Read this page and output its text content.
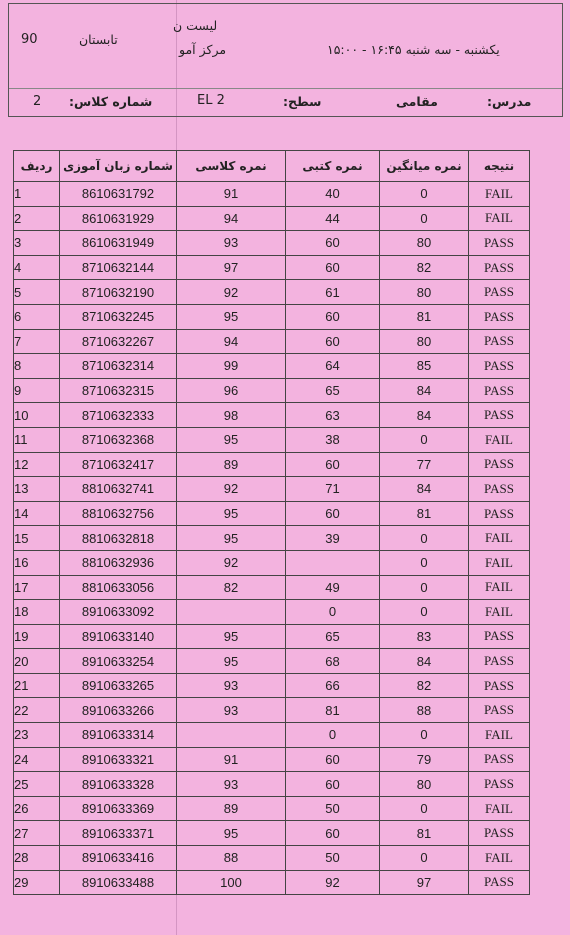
90	تابستان
لیست ن
مرکز آمو	یکشنبه - سه شنبه ۱۶:۴۵ - ۱۵:۰۰
2 شماره کلاس:	EL 2	سطح:	مقامی	مدرس:
ردیف	شماره زبان آموزی	نمره کلاسی	نمره کتبی	نمره میانگین	نتیجه
1	8610631792	91	40	0	FAIL
2	8610631929	94	44	0	FAIL
3	8610631949	93	60	80	PASS
4	8710632144	97	60	82	PASS
5	8710632190	92	61	80	PASS
6	8710632245	95	60	81	PASS
7	8710632267	94	60	80	PASS
8	8710632314	99	64	85	PASS
9	8710632315	96	65	84	PASS
10	8710632333	98	63	84	PASS
11	8710632368	95	38	0	FAIL
12	8710632417	89	60	77	PASS
13	8810632741	92	71	84	PASS
14	8810632756	95	60	81	PASS
15	8810632818	95	39	0	FAIL
16	8810632936	92		0	FAIL
17	8810633056	82	49	0	FAIL
18	8910633092		0	0	FAIL
19	8910633140	95	65	83	PASS
20	8910633254	95	68	84	PASS
21	8910633265	93	66	82	PASS
22	8910633266	93	81	88	PASS
23	8910633314		0	0	FAIL
24	8910633321	91	60	79	PASS
25	8910633328	93	60	80	PASS
26	8910633369	89	50	0	FAIL
27	8910633371	95	60	81	PASS
28	8910633416	88	50	0	FAIL
29	8910633488	100	92	97	PASS
